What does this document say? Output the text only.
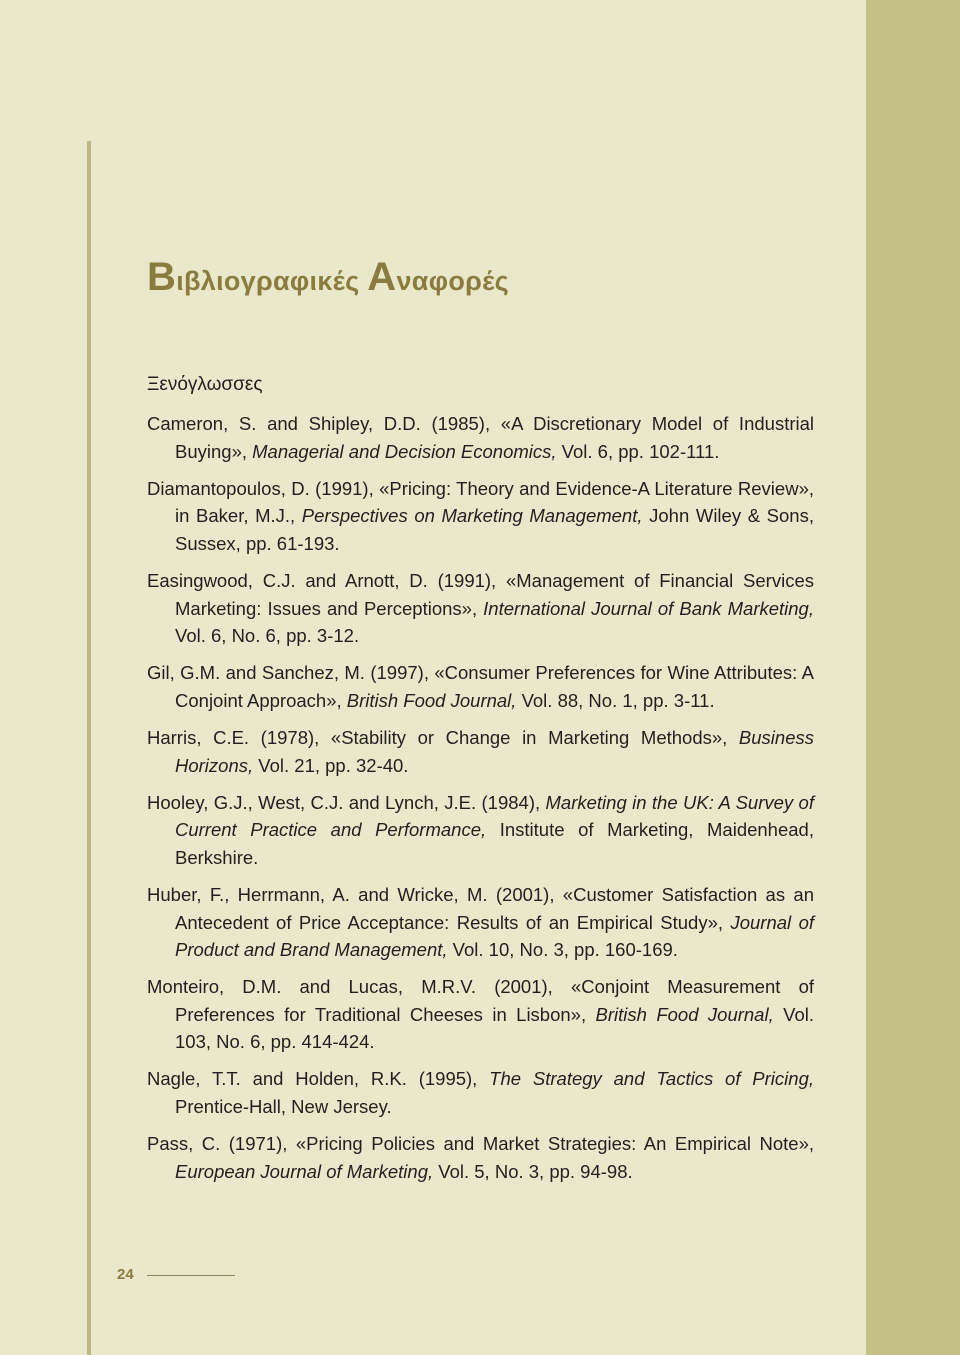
Bιβλιογραφικές Aναφορές
Ξενόγλωσσες
Cameron, S. and Shipley, D.D. (1985), «A Discretionary Model of Industrial Buying», Managerial and Decision Economics, Vol. 6, pp. 102-111.
Diamantopoulos, D. (1991), «Pricing: Theory and Evidence-A Literature Review», in Baker, M.J., Perspectives on Marketing Management, John Wiley & Sons, Sussex, pp. 61-193.
Easingwood, C.J. and Arnott, D. (1991), «Management of Financial Services Marketing: Issues and Perceptions», International Journal of Bank Marketing, Vol. 6, No. 6, pp. 3-12.
Gil, G.M. and Sanchez, M. (1997), «Consumer Preferences for Wine Attributes: A Conjoint Approach», British Food Journal, Vol. 88, No. 1, pp. 3-11.
Harris, C.E. (1978), «Stability or Change in Marketing Methods», Business Horizons, Vol. 21, pp. 32-40.
Hooley, G.J., West, C.J. and Lynch, J.E. (1984), Marketing in the UK: A Survey of Current Practice and Performance, Institute of Marketing, Maidenhead, Berkshire.
Huber, F., Herrmann, A. and Wricke, M. (2001), «Customer Satisfaction as an Antecedent of Price Acceptance: Results of an Empirical Study», Journal of Product and Brand Management, Vol. 10, No. 3, pp. 160-169.
Monteiro, D.M. and Lucas, M.R.V. (2001), «Conjoint Measurement of Preferences for Traditional Cheeses in Lisbon», British Food Journal, Vol. 103, No. 6, pp. 414-424.
Nagle, T.T. and Holden, R.K. (1995), The Strategy and Tactics of Pricing, Prentice-Hall, New Jersey.
Pass, C. (1971), «Pricing Policies and Market Strategies: An Empirical Note», European Journal of Marketing, Vol. 5, No. 3, pp. 94-98.
24
